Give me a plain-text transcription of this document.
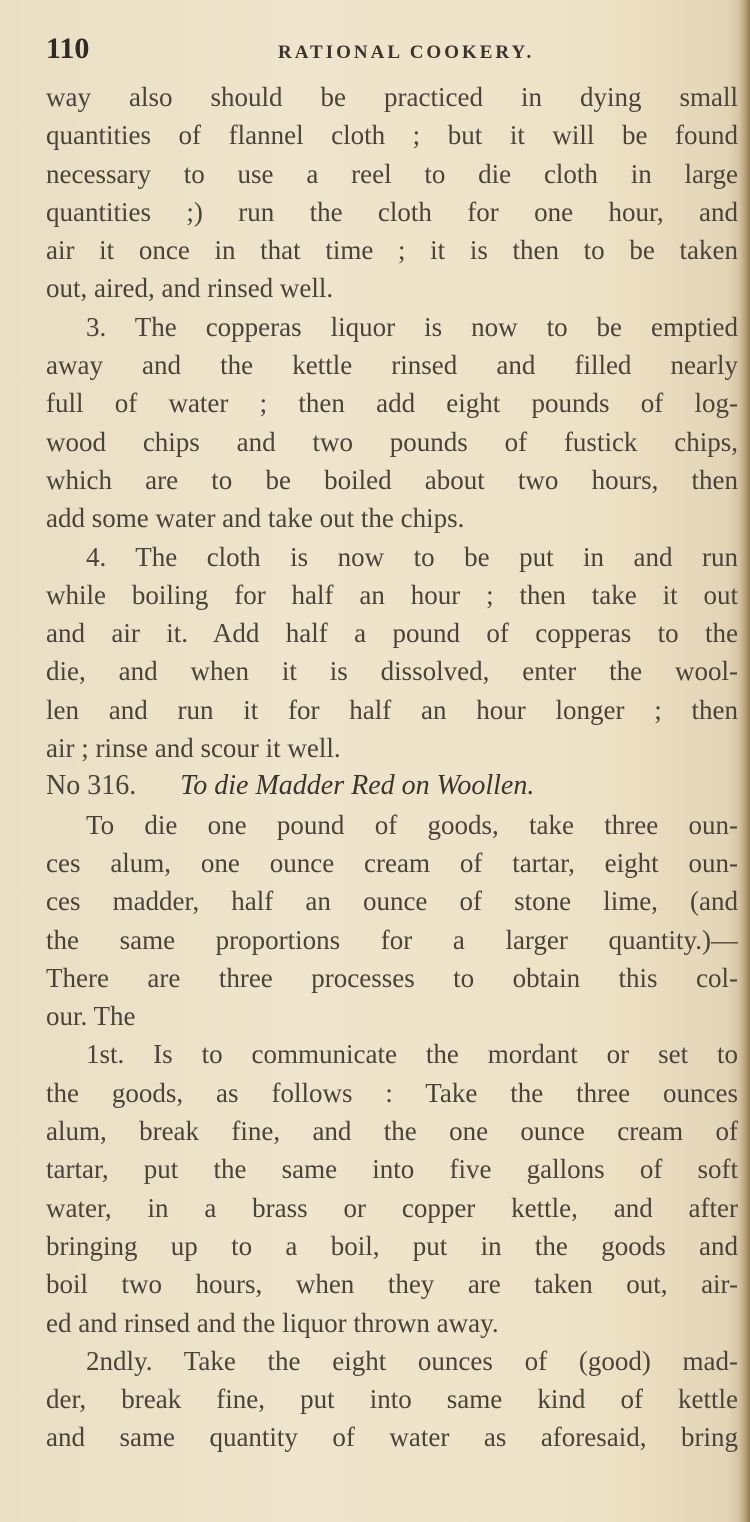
110	RATIONAL COOKERY.
way also should be practiced in dying small
quantities of flannel cloth ; but it will be found
necessary to use a reel to die cloth in large
quantities ;) run the cloth for one hour, and
air it once in that time ; it is then to be taken
out, aired, and rinsed well.
3. The copperas liquor is now to be emptied
away and the kettle rinsed and filled nearly
full of water ; then add eight pounds of log-
wood chips and two pounds of fustick chips,
which are to be boiled about two hours, then
add some water and take out the chips.
4. The cloth is now to be put in and run
while boiling for half an hour ; then take it out
and air it. Add half a pound of copperas to the
die, and when it is dissolved, enter the wool-
len and run it for half an hour longer ; then
air ; rinse and scour it well.
No 316. To die Madder Red on Woollen.
To die one pound of goods, take three oun-
ces alum, one ounce cream of tartar, eight oun-
ces madder, half an ounce of stone lime, (and
the same proportions for a larger quantity.)—
There are three processes to obtain this col-
our. The
1st. Is to communicate the mordant or set to
the goods, as follows : Take the three ounces
alum, break fine, and the one ounce cream of
tartar, put the same into five gallons of soft
water, in a brass or copper kettle, and after
bringing up to a boil, put in the goods and
boil two hours, when they are taken out, air-
ed and rinsed and the liquor thrown away.
2ndly. Take the eight ounces of (good) mad-
der, break fine, put into same kind of kettle
and same quantity of water as aforesaid, bring
